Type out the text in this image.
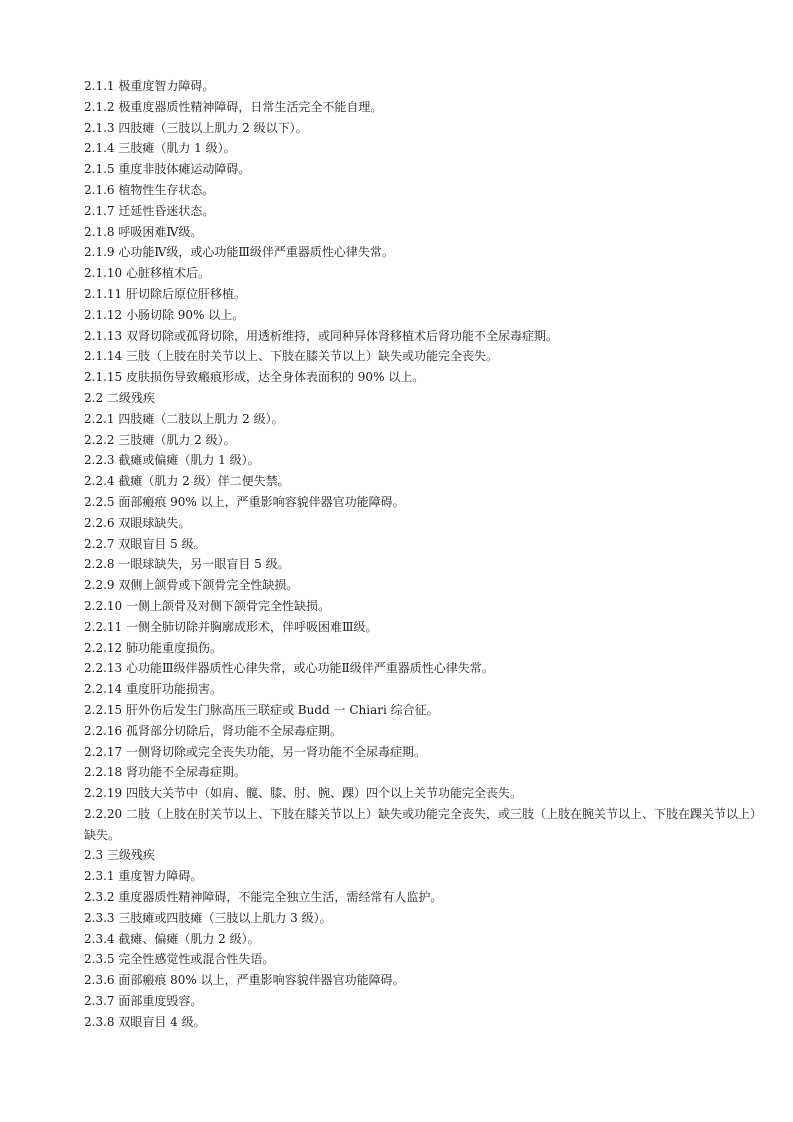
2.1.1 极重度智力障碍。
2.1.2 极重度器质性精神障碍，日常生活完全不能自理。
2.1.3 四肢瘫（三肢以上肌力 2 级以下）。
2.1.4 三肢瘫（肌力 1 级）。
2.1.5 重度非肢体瘫运动障碍。
2.1.6 植物性生存状态。
2.1.7 迁延性昏迷状态。
2.1.8 呼吸困难Ⅳ级。
2.1.9 心功能Ⅳ级，或心功能Ⅲ级伴严重器质性心律失常。
2.1.10 心脏移植术后。
2.1.11 肝切除后原位肝移植。
2.1.12 小肠切除 90% 以上。
2.1.13 双肾切除或孤肾切除，用透析维持，或同种异体肾移植术后肾功能不全尿毒症期。
2.1.14 三肢（上肢在肘关节以上、下肢在膝关节以上）缺失或功能完全丧失。
2.1.15 皮肤损伤导致瘢痕形成，达全身体表面积的 90% 以上。
2.2 二级残疾
2.2.1 四肢瘫（二肢以上肌力 2 级）。
2.2.2 三肢瘫（肌力 2 级）。
2.2.3 截瘫或偏瘫（肌力 1 级）。
2.2.4 截瘫（肌力 2 级）伴二便失禁。
2.2.5 面部瘢痕 90% 以上，严重影响容貌伴器官功能障碍。
2.2.6 双眼球缺失。
2.2.7 双眼盲目 5 级。
2.2.8 一眼球缺失，另一眼盲目 5 级。
2.2.9 双侧上颌骨或下颌骨完全性缺损。
2.2.10 一侧上颌骨及对侧下颌骨完全性缺损。
2.2.11 一侧全肺切除并胸廓成形术，伴呼吸困难Ⅲ级。
2.2.12 肺功能重度损伤。
2.2.13 心功能Ⅲ级伴器质性心律失常，或心功能Ⅱ级伴严重器质性心律失常。
2.2.14 重度肝功能损害。
2.2.15 肝外伤后发生门脉高压三联症或 Budd 一 Chiari 综合征。
2.2.16 孤肾部分切除后，肾功能不全尿毒症期。
2.2.17 一侧肾切除或完全丧失功能，另一肾功能不全尿毒症期。
2.2.18 肾功能不全尿毒症期。
2.2.19 四肢大关节中（如肩、髋、膝、肘、腕、踝）四个以上关节功能完全丧失。
2.2.20 二肢（上肢在肘关节以上、下肢在膝关节以上）缺失或功能完全丧失，或三肢（上肢在腕关节以上、下肢在踝关节以上）缺失。
2.3 三级残疾
2.3.1 重度智力障碍。
2.3.2 重度器质性精神障碍，不能完全独立生活，需经常有人监护。
2.3.3 三肢瘫或四肢瘫（三肢以上肌力 3 级）。
2.3.4 截瘫、偏瘫（肌力 2 级）。
2.3.5 完全性感觉性或混合性失语。
2.3.6 面部瘢痕 80% 以上，严重影响容貌伴器官功能障碍。
2.3.7 面部重度毁容。
2.3.8 双眼盲目 4 级。
